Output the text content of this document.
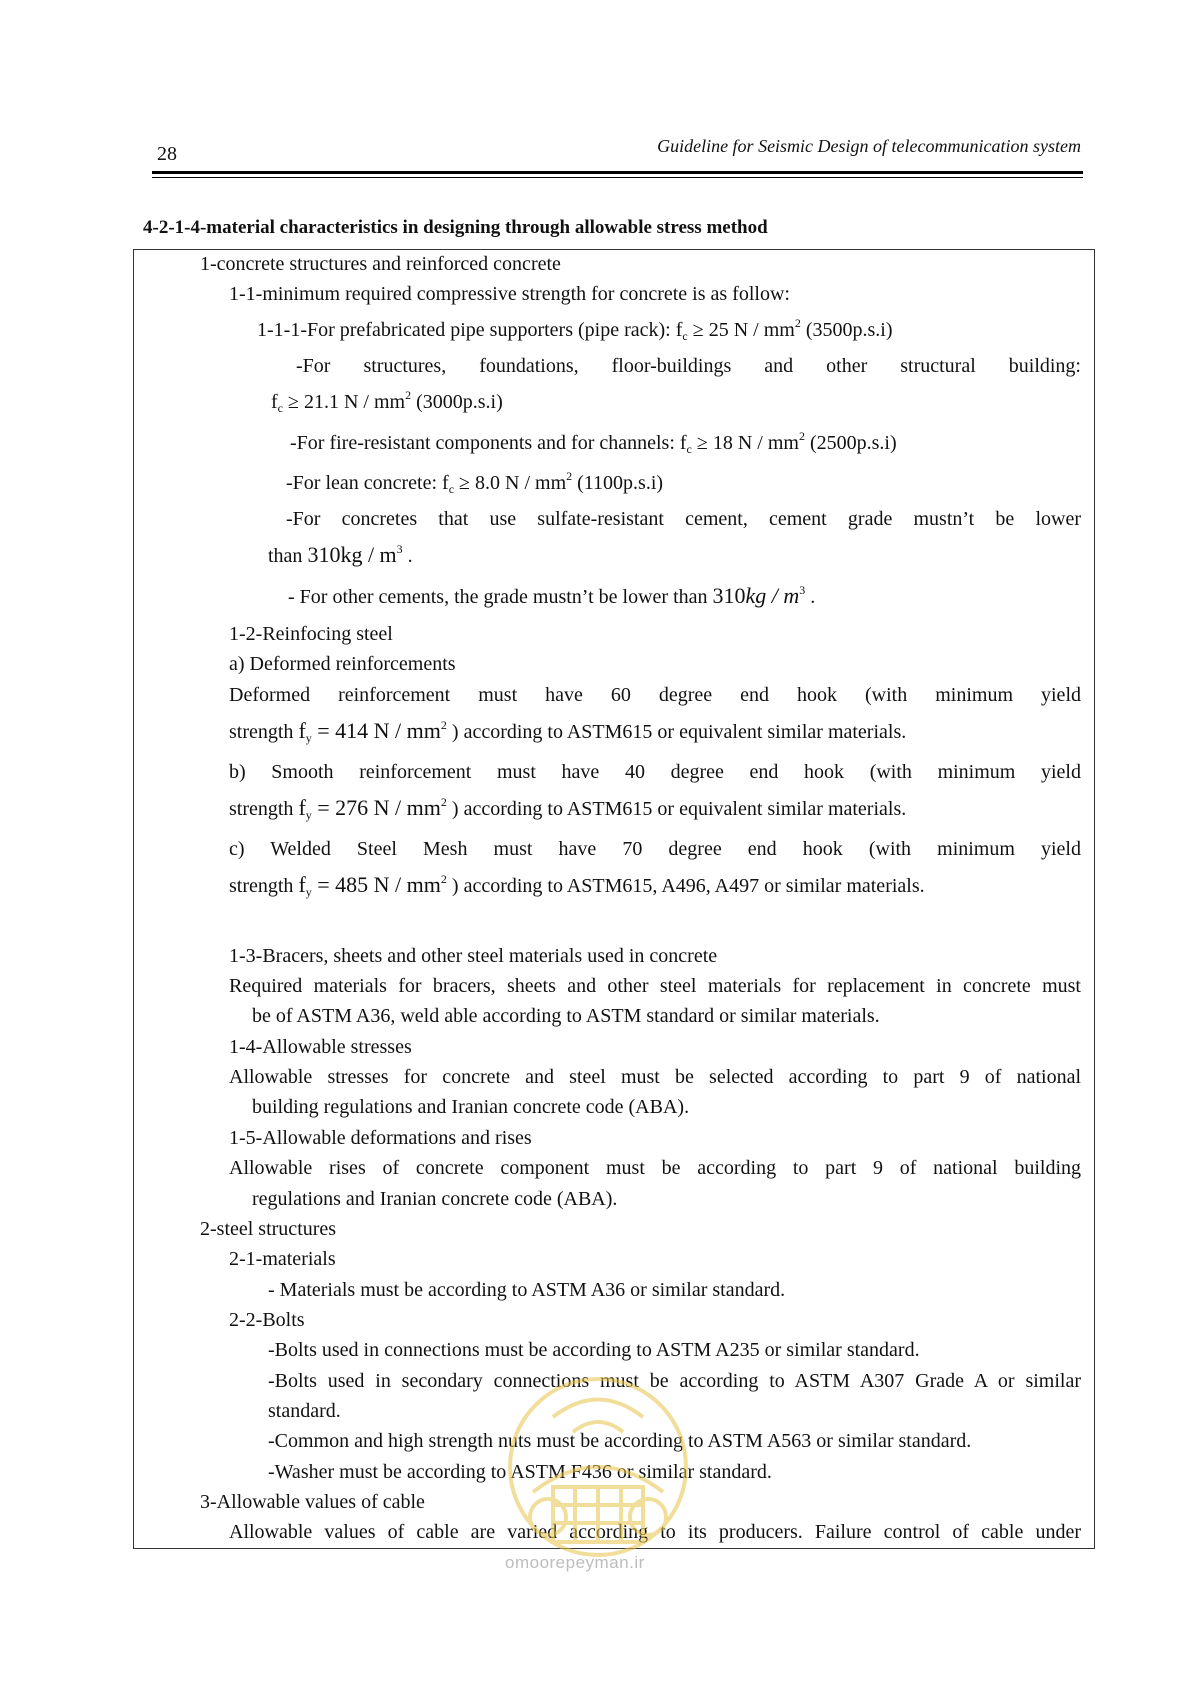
28	Guideline for Seismic Design of telecommunication system
4-2-1-4-material characteristics in designing through allowable stress method
1-concrete structures and reinforced concrete
1-1-minimum required compressive strength for concrete is as follow:
1-1-1-For prefabricated pipe supporters (pipe rack): $f_c \ge 25$ N / $mm^2$ (3500p.s.i)
-For structures, foundations, floor-buildings and other structural building:
$f_c \ge 21.1$ N / $mm^2$ (3000p.s.i)
-For fire-resistant components and for channels: $f_c \ge 18$ N / $mm^2$ (2500p.s.i)
-For lean concrete: $f_c \ge 8.0$ N / $mm^2$ (1100p.s.i)
-For concretes that use sulfate-resistant cement, cement grade mustn’t be lower
than $310kg / m^3$ .
- For other cements, the grade mustn’t be lower than $310kg / m^3$ .
1-2-Reinfocing steel
a) Deformed reinforcements
Deformed reinforcement must have 60 degree end hook (with minimum yield
strength $f_y = 414$ N / $mm^2$ ) according to ASTM615 or equivalent similar materials.
b) Smooth reinforcement must have 40 degree end hook (with minimum yield
strength $f_y = 276$ N / $mm^2$ ) according to ASTM615 or equivalent similar materials.
c) Welded Steel Mesh must have 70 degree end hook (with minimum yield
strength $f_y = 485$ N / $mm^2$ ) according to ASTM615, A496, A497 or similar materials.
1-3-Bracers, sheets and other steel materials used in concrete
Required materials for bracers, sheets and other steel materials for replacement in concrete must
be of ASTM A36, weld able according to ASTM standard or similar materials.
1-4-Allowable stresses
Allowable stresses for concrete and steel must be selected according to part 9 of national
building regulations and Iranian concrete code (ABA).
1-5-Allowable deformations and rises
Allowable rises of concrete component must be according to part 9 of national building
regulations and Iranian concrete code (ABA).
2-steel structures
2-1-materials
- Materials must be according to ASTM A36 or similar standard.
2-2-Bolts
-Bolts used in connections must be according to ASTM A235 or similar standard.
-Bolts used in secondary connections must be according to ASTM A307 Grade A or similar
standard.
-Common and high strength nuts must be according to ASTM A563 or similar standard.
-Washer must be according to ASTM F436 or similar standard.
3-Allowable values of cable
Allowable values of cable are varied according to its producers. Failure control of cable under
omoorepeyman.ir
